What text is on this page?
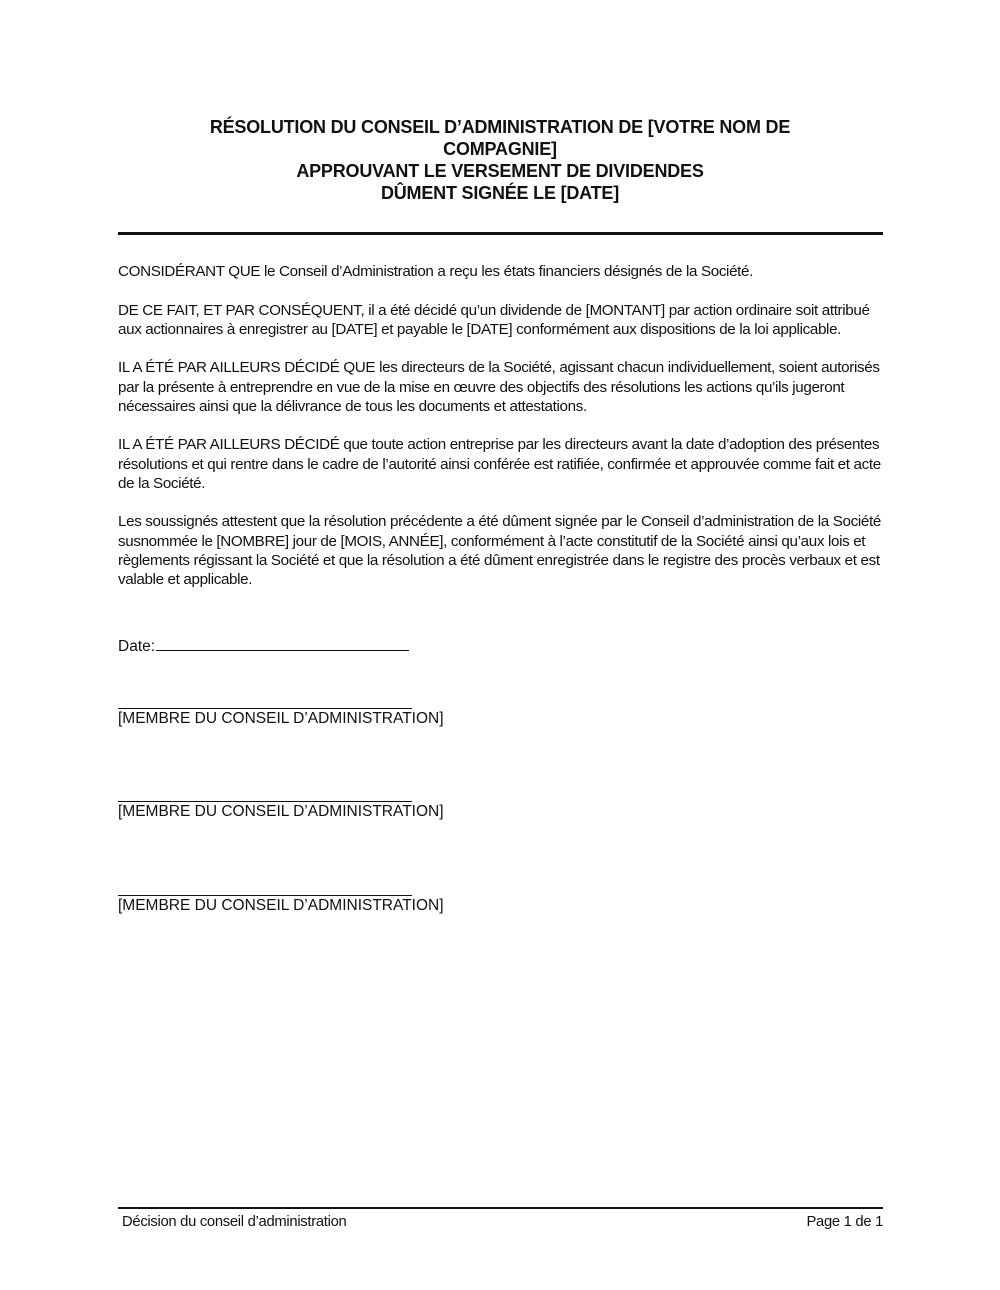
RÉSOLUTION DU CONSEIL D’ADMINISTRATION DE [VOTRE NOM DE
COMPAGNIE]
APPROUVANT LE VERSEMENT DE DIVIDENDES
DÛMENT SIGNÉE LE [DATE]

CONSIDÉRANT QUE le Conseil d’Administration a reçu les états financiers désignés de la Société.

DE CE FAIT, ET PAR CONSÉQUENT, il a été décidé qu’un dividende de [MONTANT] par action ordinaire soit attribué aux actionnaires à enregistrer au [DATE] et payable le [DATE] conformément aux dispositions de la loi applicable.

IL A ÉTÉ PAR AILLEURS DÉCIDÉ QUE les directeurs de la Société, agissant chacun individuellement, soient autorisés par la présente à entreprendre en vue de la mise en œuvre des objectifs des résolutions les actions qu’ils jugeront nécessaires ainsi que la délivrance de tous les documents et attestations.

IL A ÉTÉ PAR AILLEURS DÉCIDÉ que toute action entreprise par les directeurs avant la date d’adoption des présentes résolutions et qui rentre dans le cadre de l’autorité ainsi conférée est ratifiée, confirmée et approuvée comme fait et acte de la Société.

Les soussignés attestent que la résolution précédente a été dûment signée par le Conseil d’administration de la Société susnommée le [NOMBRE] jour de [MOIS, ANNÉE], conformément à l’acte constitutif de la Société ainsi qu’aux lois et règlements régissant la Société et que la résolution a été dûment enregistrée dans le registre des procès verbaux et est valable et applicable.

Date:
[MEMBRE DU CONSEIL D’ADMINISTRATION]
[MEMBRE DU CONSEIL D’ADMINISTRATION]
[MEMBRE DU CONSEIL D’ADMINISTRATION]
Décision du conseil d’administration	Page 1 de 1
